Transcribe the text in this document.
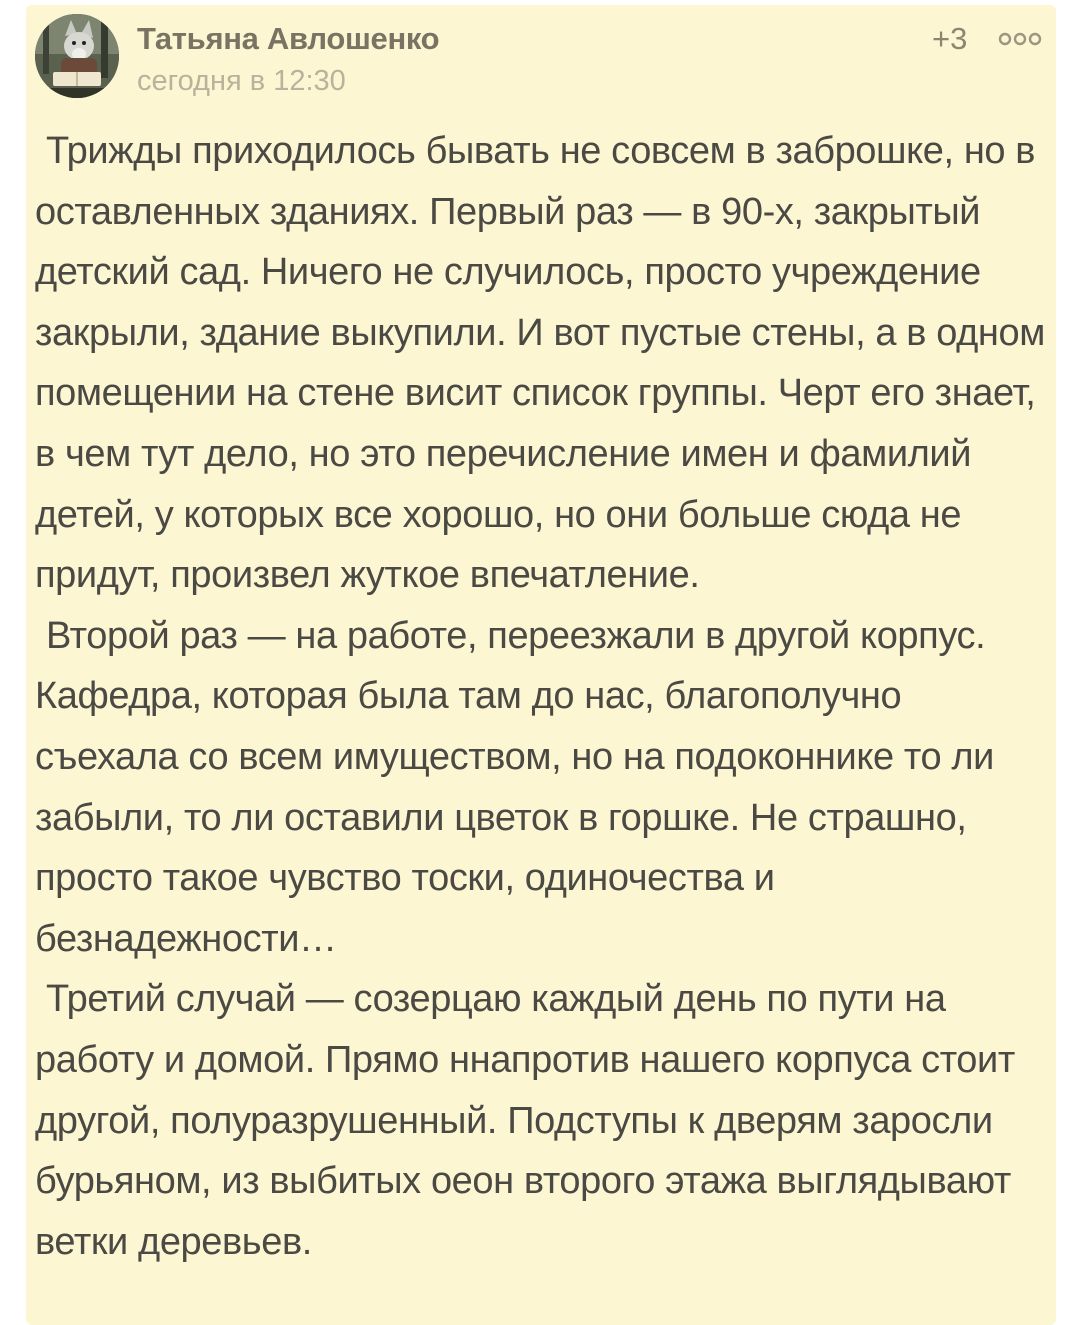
Татьяна Авлошенко
сегодня в 12:30
+3

Трижды приходилось бывать не совсем в заброшке, но в оставленных зданиях. Первый раз — в 90-х, закрытый детский сад. Ничего не случилось, просто учреждение закрыли, здание выкупили. И вот пустые стены, а в одном помещении на стене висит список группы. Черт его знает, в чем тут дело, но это перечисление имен и фамилий детей, у которых все хорошо, но они больше сюда не придут, произвел жуткое впечатление.

Второй раз — на работе, переезжали в другой корпус. Кафедра, которая была там до нас, благополучно съехала со всем имуществом, но на подоконнике то ли забыли, то ли оставили цветок в горшке. Не страшно, просто такое чувство тоски, одиночества и безнадежности…

Третий случай — созерцаю каждый день по пути на работу и домой. Прямо ннапротив нашего корпуса стоит другой, полуразрушенный. Подступы к дверям заросли бурьяном, из выбитых оеон второго этажа выглядывают ветки деревьев.
